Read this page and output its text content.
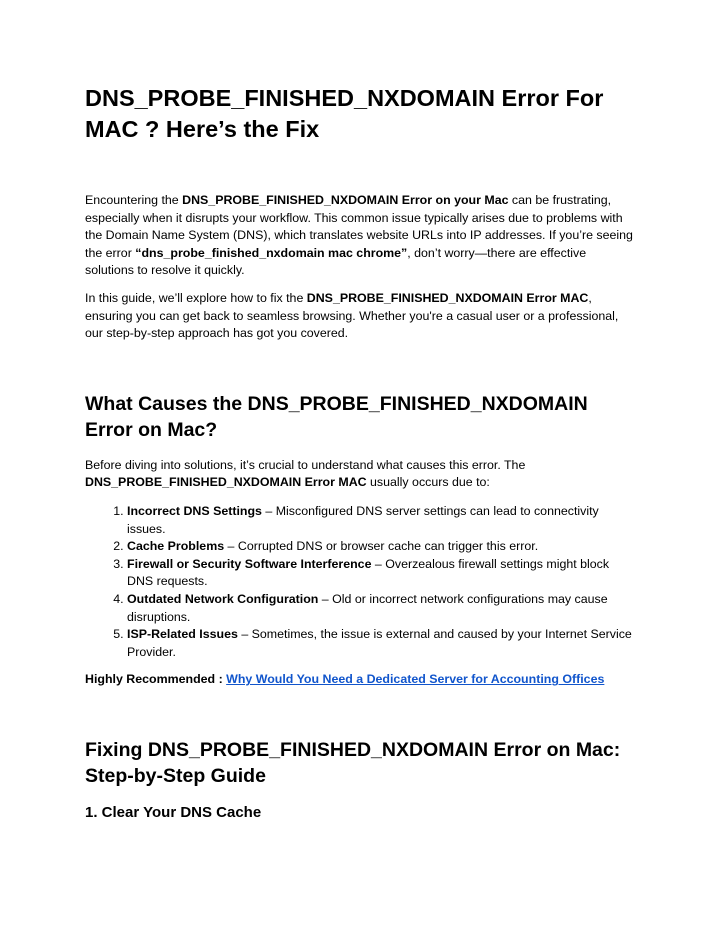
DNS_PROBE_FINISHED_NXDOMAIN Error For MAC ? Here’s the Fix

Encountering the DNS_PROBE_FINISHED_NXDOMAIN Error on your Mac can be frustrating, especially when it disrupts your workflow. This common issue typically arises due to problems with the Domain Name System (DNS), which translates website URLs into IP addresses. If you’re seeing the error “dns_probe_finished_nxdomain mac chrome”, don’t worry—there are effective solutions to resolve it quickly.

In this guide, we’ll explore how to fix the DNS_PROBE_FINISHED_NXDOMAIN Error MAC, ensuring you can get back to seamless browsing. Whether you're a casual user or a professional, our step-by-step approach has got you covered.

What Causes the DNS_PROBE_FINISHED_NXDOMAIN Error on Mac?

Before diving into solutions, it’s crucial to understand what causes this error. The DNS_PROBE_FINISHED_NXDOMAIN Error MAC usually occurs due to:

1. Incorrect DNS Settings – Misconfigured DNS server settings can lead to connectivity issues.
2. Cache Problems – Corrupted DNS or browser cache can trigger this error.
3. Firewall or Security Software Interference – Overzealous firewall settings might block DNS requests.
4. Outdated Network Configuration – Old or incorrect network configurations may cause disruptions.
5. ISP-Related Issues – Sometimes, the issue is external and caused by your Internet Service Provider.

Highly Recommended : Why Would You Need a Dedicated Server for Accounting Offices

Fixing DNS_PROBE_FINISHED_NXDOMAIN Error on Mac: Step-by-Step Guide
1. Clear Your DNS Cache
